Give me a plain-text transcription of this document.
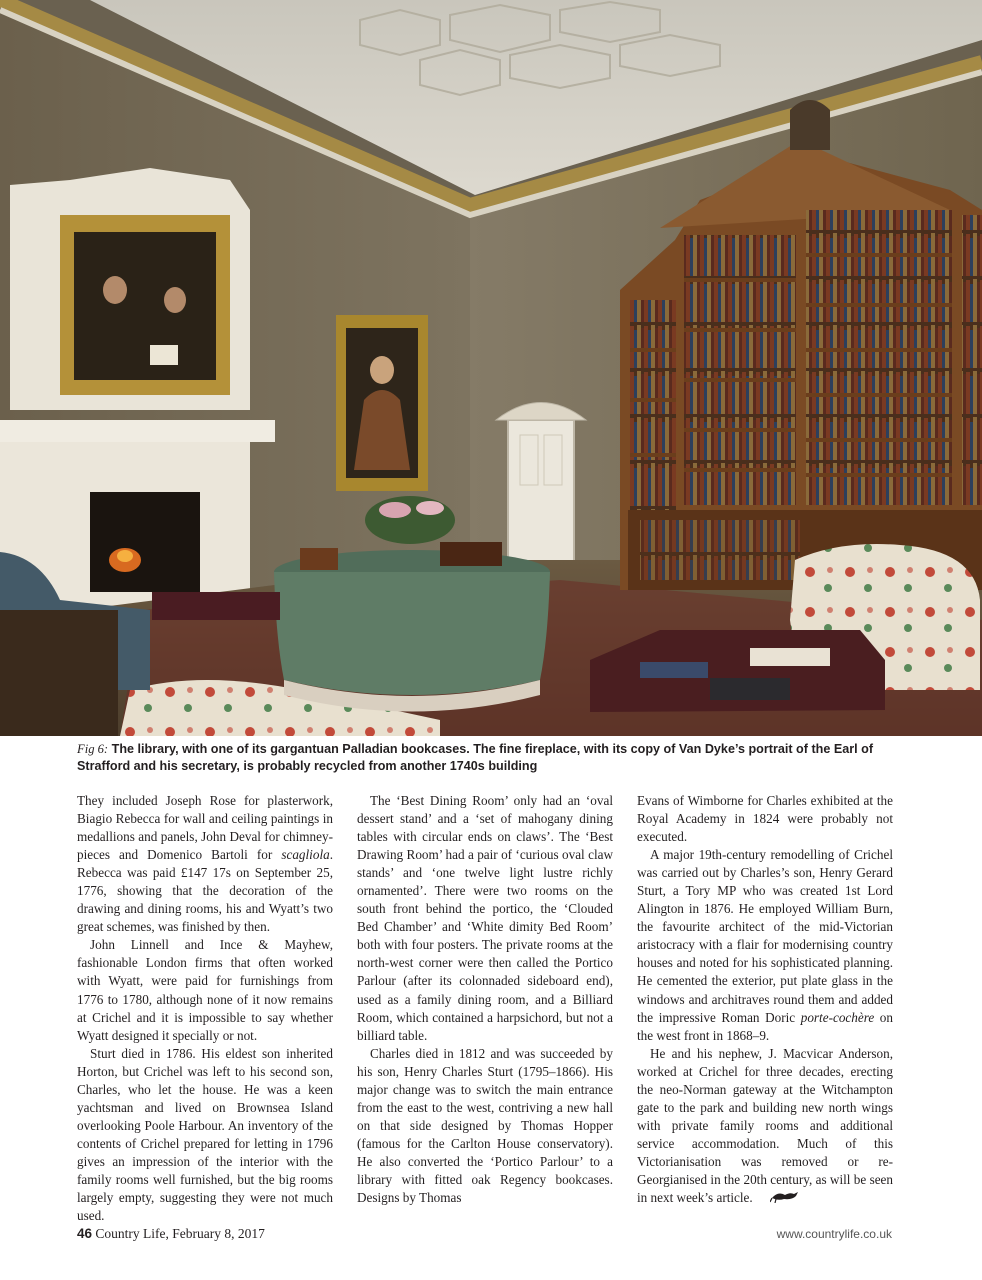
Fig 6: The library, with one of its gargantuan Palladian bookcases. The fine fireplace, with its copy of Van Dyke’s portrait of the Earl of Strafford and his secretary, is probably recycled from another 1740s building

They included Joseph Rose for plasterwork, Biagio Rebecca for wall and ceiling paintings in medallions and panels, John Deval for chimney-pieces and Domenico Bartoli for scagliola. Rebecca was paid £147 17s on September 25, 1776, showing that the decoration of the drawing and dining rooms, his and Wyatt’s two great schemes, was finished by then.

John Linnell and Ince & Mayhew, fashionable London firms that often worked with Wyatt, were paid for furnishings from 1776 to 1780, although none of it now remains at Crichel and it is impossible to say whether Wyatt designed it specially or not.

Sturt died in 1786. His eldest son inherited Horton, but Crichel was left to his second son, Charles, who let the house. He was a keen yachtsman and lived on Brownsea Island overlooking Poole Harbour. An inventory of the contents of Crichel prepared for letting in 1796 gives an impression of the interior with the family rooms well furnished, but the big rooms largely empty, suggesting they were not much used.

The ‘Best Dining Room’ only had an ‘oval dessert stand’ and a ‘set of mahogany dining tables with circular ends on claws’. The ‘Best Drawing Room’ had a pair of ‘curious oval claw stands’ and ‘one twelve light lustre richly ornamented’. There were two rooms on the south front behind the portico, the ‘Clouded Bed Chamber’ and ‘White dimity Bed Room’ both with four posters. The private rooms at the north-west corner were then called the Portico Parlour (after its colonnaded sideboard end), used as a family dining room, and a Billiard Room, which contained a harpsichord, but not a billiard table.

Charles died in 1812 and was succeeded by his son, Henry Charles Sturt (1795–1866). His major change was to switch the main entrance from the east to the west, contriving a new hall on that side designed by Thomas Hopper (famous for the Carlton House conservatory). He also converted the ‘Portico Parlour’ to a library with fitted oak Regency bookcases. Designs by Thomas

Evans of Wimborne for Charles exhibited at the Royal Academy in 1824 were probably not executed.

A major 19th-century remodelling of Crichel was carried out by Charles’s son, Henry Gerard Sturt, a Tory MP who was created 1st Lord Alington in 1876. He employed William Burn, the favourite architect of the mid-Victorian aristocracy with a flair for modernising country houses and noted for his sophisticated planning. He cemented the exterior, put plate glass in the windows and architraves round them and added the impressive Roman Doric porte-cochère on the west front in 1868–9.

He and his nephew, J. Macvicar Anderson, worked at Crichel for three decades, erecting the neo-Norman gateway at the Witchampton gate to the park and building new north wings with private family rooms and additional service accommodation. Much of this Victorianisation was removed or re-Georgianised in the 20th century, as will be seen in next week’s article.

46 Country Life, February 8, 2017	www.countrylife.co.uk
